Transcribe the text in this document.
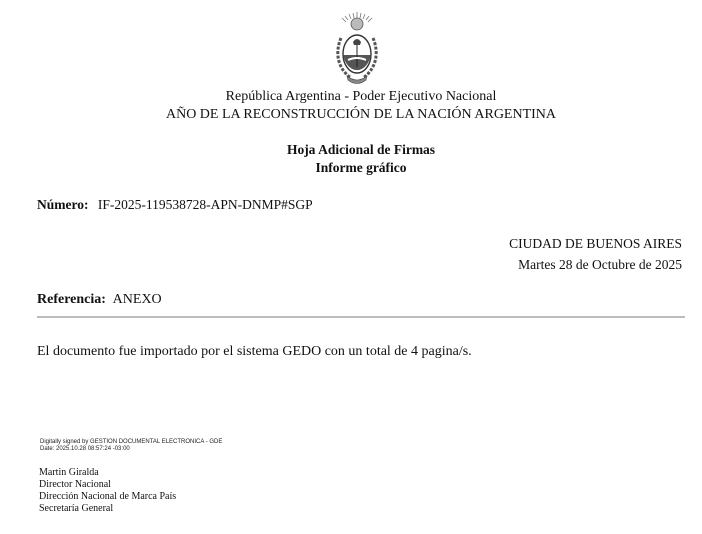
República Argentina - Poder Ejecutivo Nacional
AÑO DE LA RECONSTRUCCIÓN DE LA NACIÓN ARGENTINA
Hoja Adicional de Firmas
Informe gráfico
Número: IF-2025-119538728-APN-DNMP#SGP
CIUDAD DE BUENOS AIRES
Martes 28 de Octubre de 2025
Referencia: ANEXO
El documento fue importado por el sistema GEDO con un total de 4 pagina/s.
Digitally signed by GESTION DOCUMENTAL ELECTRONICA - GDE
Date: 2025.10.28 08:57:24 -03:00
Martin Giralda
Director Nacional
Dirección Nacional de Marca País
Secretaría General
